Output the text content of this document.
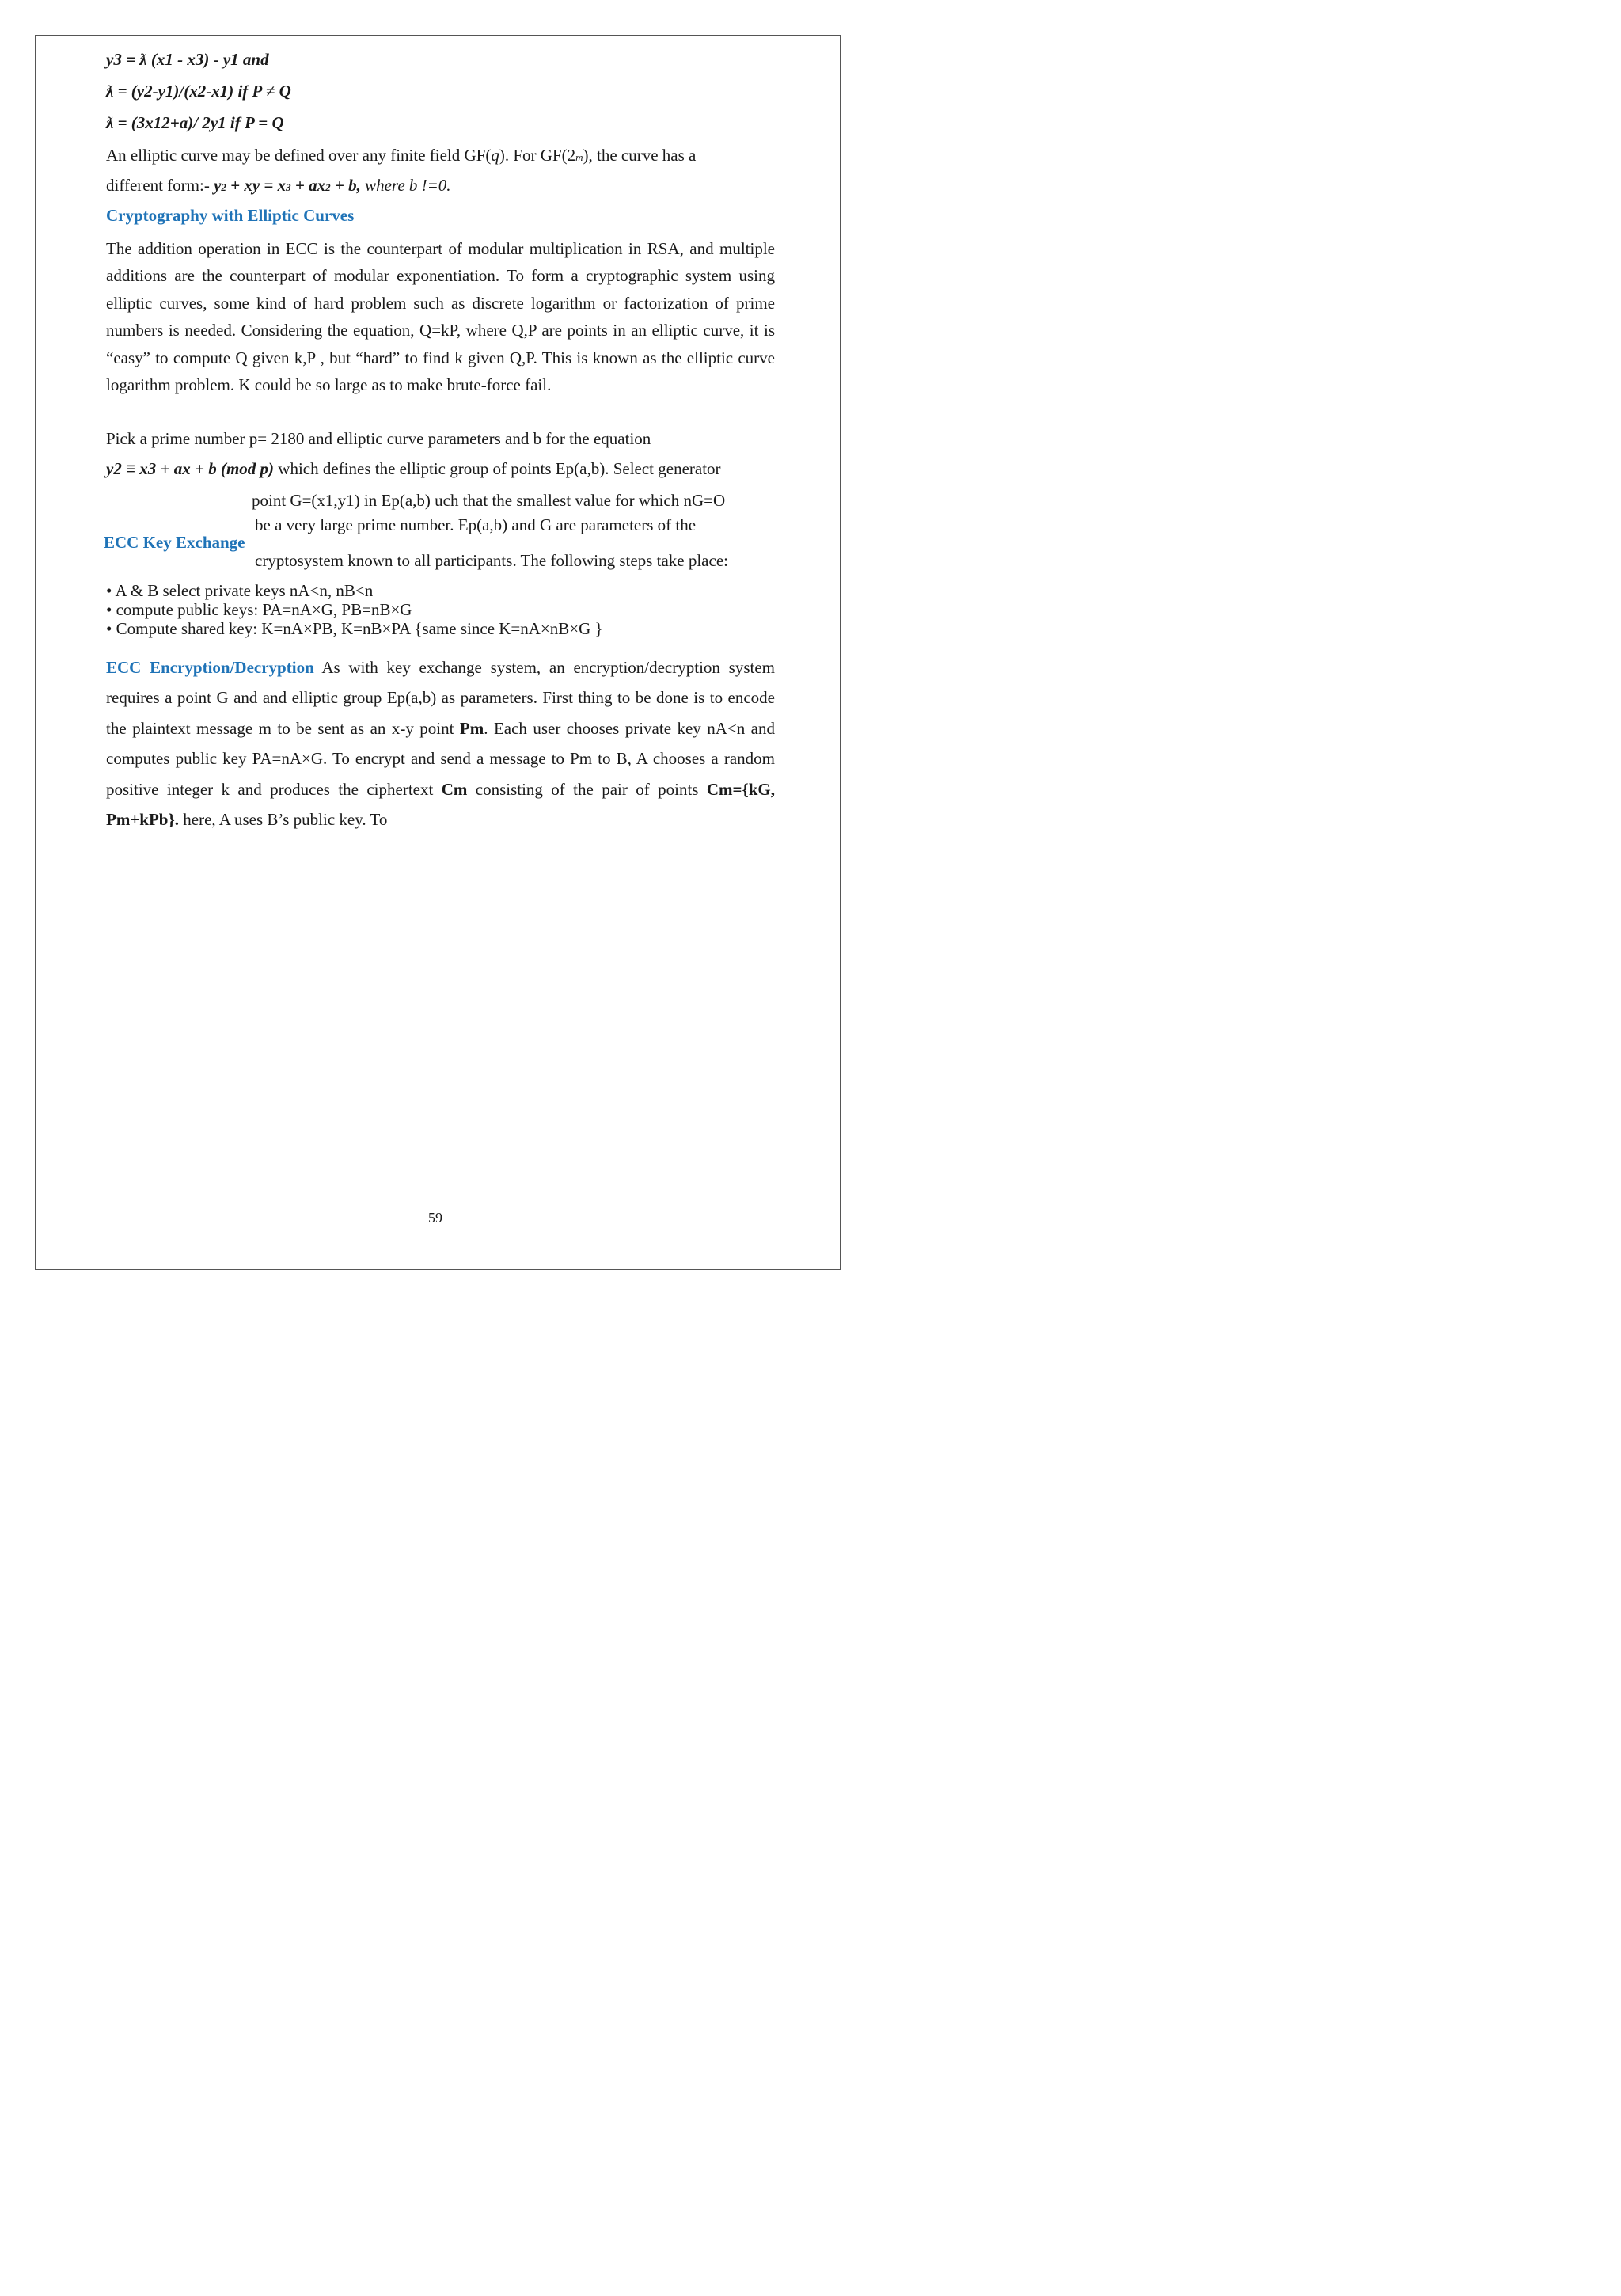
y3 = ƛ (x1 - x3) - y1 and
ƛ = (y2-y1)/(x2-x1) if P ≠ Q
ƛ = (3x12+a)/ 2y1 if P = Q
An elliptic curve may be defined over any finite field GF(q). For GF(2m), the curve has a
different form:- y2 + xy = x3 + ax2 + b, where b !=0.
Cryptography with Elliptic Curves

The addition operation in ECC is the counterpart of modular multiplication in RSA, and multiple additions are the counterpart of modular exponentiation. To form a cryptographic system using elliptic curves, some kind of hard problem such as discrete logarithm or factorization of prime numbers is needed. Considering the equation, Q=kP, where Q,P are points in an elliptic curve, it is “easy” to compute Q given k,P , but “hard” to find k given Q,P. This is known as the elliptic curve logarithm problem. K could be so large as to make brute-force fail.

Pick a prime number p= 2180 and elliptic curve parameters and b for the equation
y2 ≡ x3 + ax + b (mod p) which defines the elliptic group of points Ep(a,b). Select generator
point G=(x1,y1) in Ep(a,b) uch that the smallest value for which nG=O
be a very large prime number. Ep(a,b) and G are parameters of the
ECC Key Exchange
cryptosystem known to all participants. The following steps take place:
• A & B select private keys nA<n, nB<n
• compute public keys: PA=nA×G, PB=nB×G
• Compute shared key: K=nA×PB, K=nB×PA {same since K=nA×nB×G }

ECC Encryption/Decryption As with key exchange system, an encryption/decryption system requires a point G and and elliptic group Ep(a,b) as parameters. First thing to be done is to encode the plaintext message m to be sent as an x-y point Pm. Each user chooses private key nA<n and computes public key PA=nA×G. To encrypt and send a message to Pm to B, A chooses a random positive integer k and produces the ciphertext Cm consisting of the pair of points Cm={kG, Pm+kPb}. here, A uses B’s public key. To

59
